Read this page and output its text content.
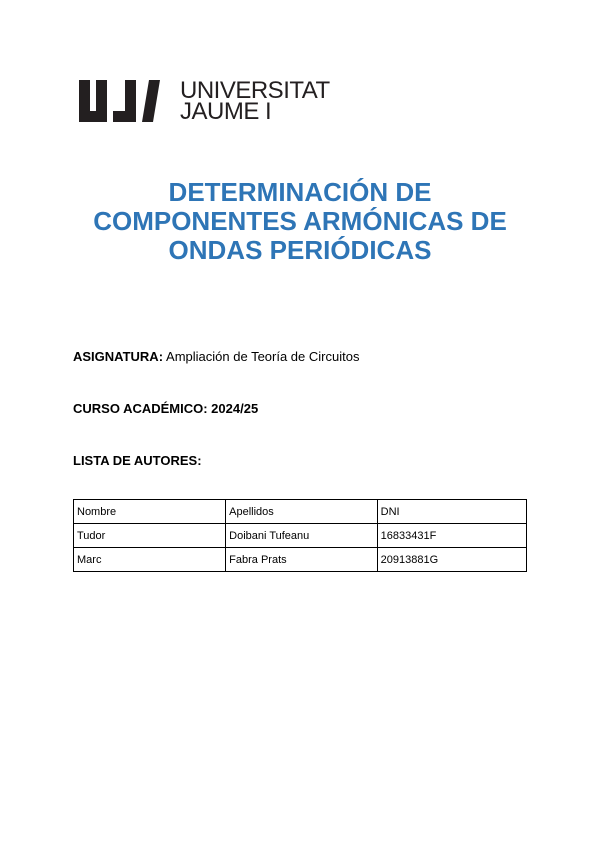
UNIVERSITAT
JAUME I
DETERMINACIÓN DE
COMPONENTES ARMÓNICAS DE
ONDAS PERIÓDICAS
ASIGNATURA: Ampliación de Teoría de Circuitos
CURSO ACADÉMICO: 2024/25
LISTA DE AUTORES:
Nombre	Apellidos	DNI
Tudor	Doibani Tufeanu	16833431F
Marc	Fabra Prats	20913881G
